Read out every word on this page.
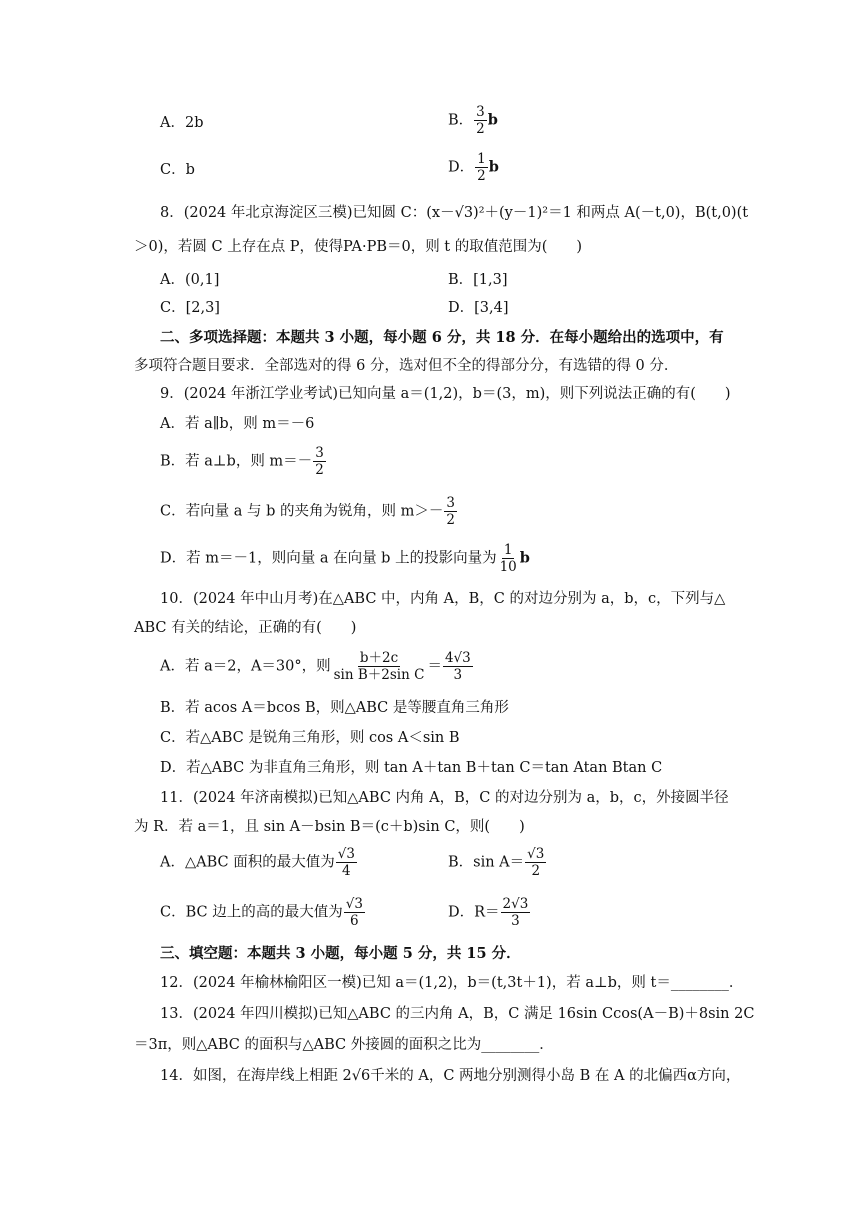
A．2b	B． $\frac{3}{2}$ b
C．b	D． $\frac{1}{2}$ b
8．(2024 年北京海淀区三模)已知圆 C：(x－√3)²＋(y－1)²＝1 和两点 A(－t,0)，B(t,0)(t
＞0)，若圆 C 上存在点 P，使得PA·PB＝0，则 t 的取值范围为(　　)
A．(0,1]	B．[1,3]
C．[2,3]	D．[3,4]
二、多项选择题：本题共 3 小题，每小题 6 分，共 18 分．在每小题给出的选项中，有
多项符合题目要求．全部选对的得 6 分，选对但不全的得部分分，有选错的得 0 分．
9．(2024 年浙江学业考试)已知向量 a＝(1,2)，b＝(3，m)，则下列说法正确的有(　　)
A．若 a∥b，则 m＝－6
B．若 a⊥b，则 $m=- \frac{3}{2}$
C．若向量 a 与 b 的夹角为锐角，则 $m>- \frac{3}{2}$
D．若 m＝－1，则向量 a 在向量 b 上的投影向量为 $\frac{1}{10}$ b
10．(2024 年中山月考)在△ABC 中，内角 A，B，C 的对边分别为 a，b，c，下列与△
ABC 有关的结论，正确的有(　　)
A．若 a＝2，A＝30°，则 $\frac{b+2c}{\text{sin B＋2sin C}} = \frac{4√3}{3}$
B．若 acos A＝bcos B，则△ABC 是等腰直角三角形
C．若△ABC 是锐角三角形，则 cos A＜sin B
D．若△ABC 为非直角三角形，则 tan A＋tan B＋tan C＝tan Atan Btan C
11．(2024 年济南模拟)已知△ABC 内角 A，B，C 的对边分别为 a，b，c，外接圆半径
为 R．若 a＝1，且 sin A－bsin B＝(c＋b)sin C，则(　　)
A．△ABC 面积的最大值为 $\frac{√3}{4}$	B．$\sin A= \frac{√3}{2}$
C．BC 边上的高的最大值为 $\frac{√3}{6}$	D．$R= \frac{2√3}{3}$
三、填空题：本题共 3 小题，每小题 5 分，共 15 分．
12．(2024 年榆林榆阳区一模)已知 a＝(1,2)，b＝(t,3t＋1)，若 a⊥b，则 t＝________．
13．(2024 年四川模拟)已知△ABC 的三内角 A，B，C 满足 16sin Ccos(A－B)＋8sin 2C
＝3π，则△ABC 的面积与△ABC 外接圆的面积之比为________．
14．如图，在海岸线上相距 2√6千米的 A，C 两地分别测得小岛 B 在 A 的北偏西α方向，
